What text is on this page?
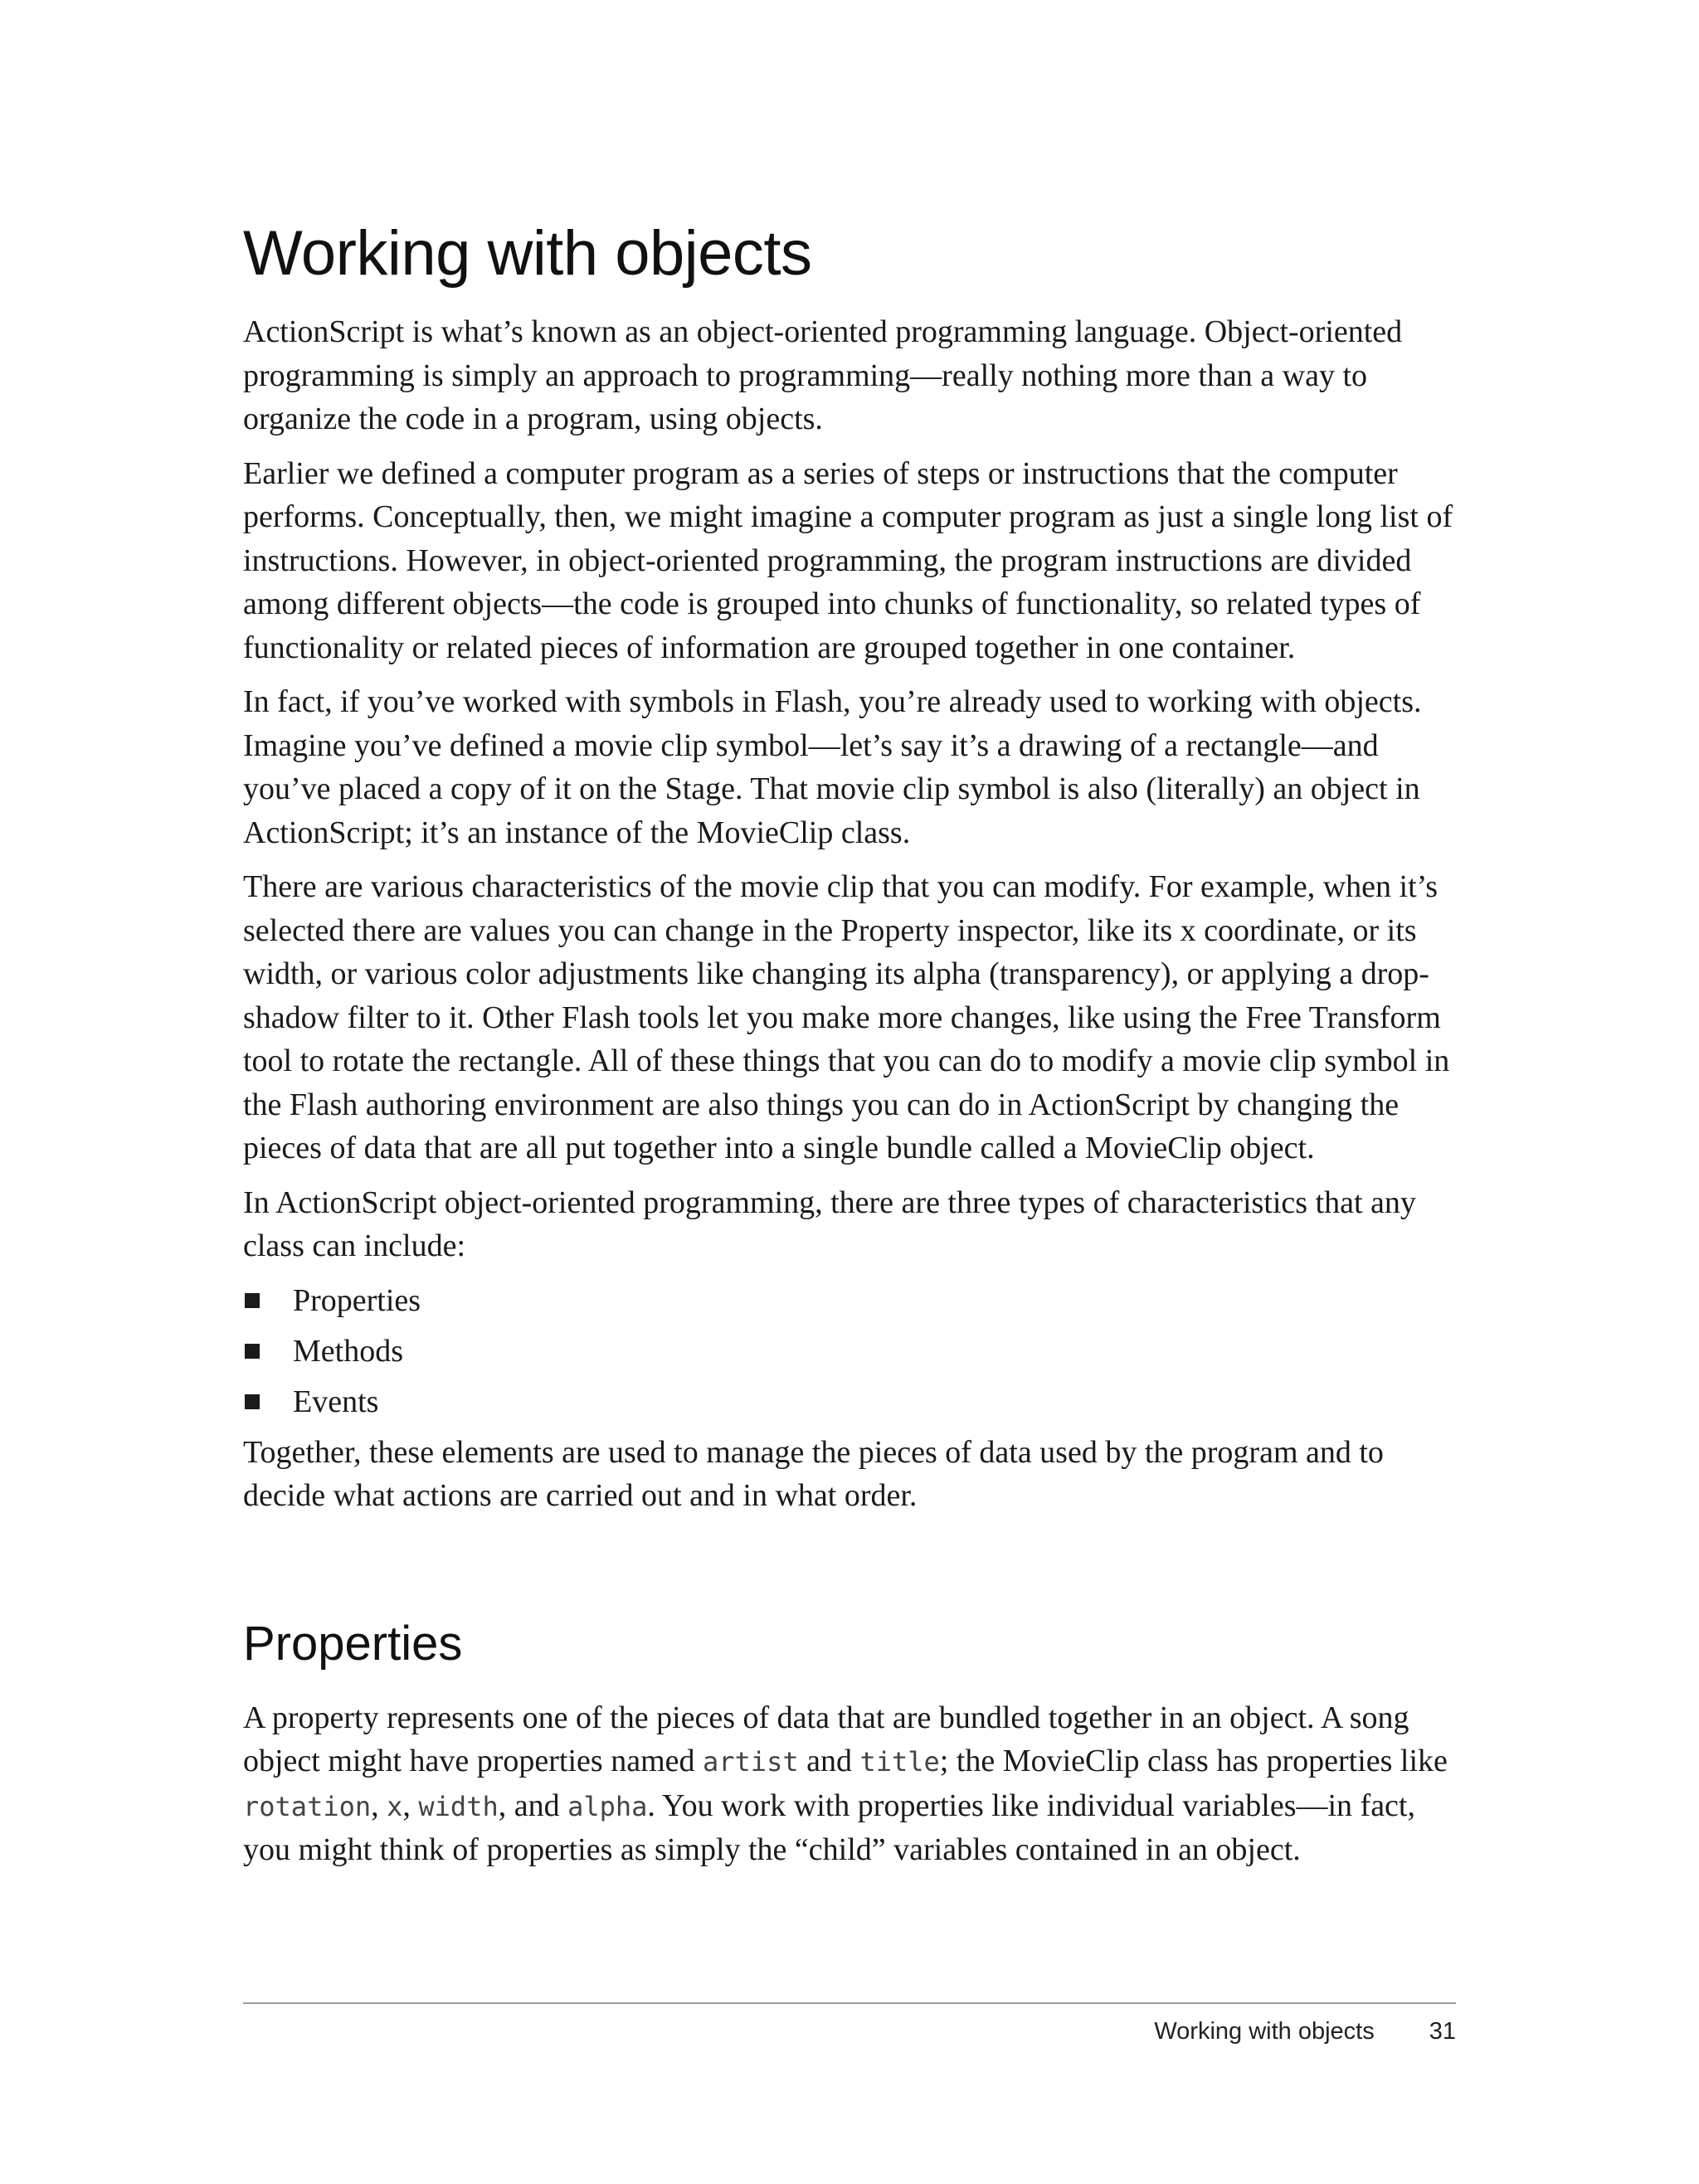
Working with objects

ActionScript is what’s known as an object-oriented programming language. Object-oriented programming is simply an approach to programming—really nothing more than a way to organize the code in a program, using objects.

Earlier we defined a computer program as a series of steps or instructions that the computer performs. Conceptually, then, we might imagine a computer program as just a single long list of instructions. However, in object-oriented programming, the program instructions are divided among different objects—the code is grouped into chunks of functionality, so related types of functionality or related pieces of information are grouped together in one container.

In fact, if you’ve worked with symbols in Flash, you’re already used to working with objects. Imagine you’ve defined a movie clip symbol—let’s say it’s a drawing of a rectangle—and you’ve placed a copy of it on the Stage. That movie clip symbol is also (literally) an object in ActionScript; it’s an instance of the MovieClip class.

There are various characteristics of the movie clip that you can modify. For example, when it’s selected there are values you can change in the Property inspector, like its x coordinate, or its width, or various color adjustments like changing its alpha (transparency), or applying a drop-shadow filter to it. Other Flash tools let you make more changes, like using the Free Transform tool to rotate the rectangle. All of these things that you can do to modify a movie clip symbol in the Flash authoring environment are also things you can do in ActionScript by changing the pieces of data that are all put together into a single bundle called a MovieClip object.

In ActionScript object-oriented programming, there are three types of characteristics that any class can include:

Properties
Methods
Events

Together, these elements are used to manage the pieces of data used by the program and to decide what actions are carried out and in what order.

Properties

A property represents one of the pieces of data that are bundled together in an object. A song object might have properties named artist and title; the MovieClip class has properties like rotation, x, width, and alpha. You work with properties like individual variables—in fact, you might think of properties as simply the “child” variables contained in an object.

Working with objects 31
